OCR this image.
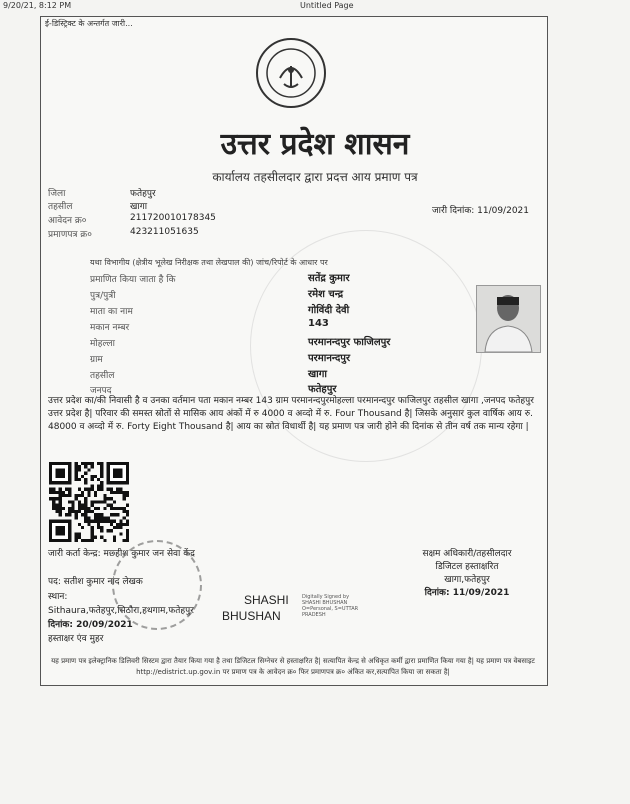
9/20/21, 8:12 PM	Untitled Page
ई-डिस्ट्रिक्ट के अन्तर्गत जारी...
उत्तर प्रदेश शासन
कार्यालय तहसीलदार द्वारा प्रदत्त आय प्रमाण पत्र
जिला	फतेहपुर
तहसील	खागा
आवेदन क्र०	211720010178345
प्रमाणपत्र क्र०	423211051635
जारी दिनांक: 11/09/2021
यथा विभागीय (क्षेत्रीय भूलेख निरीक्षक तथा लेखपाल की) जांच/रिपोर्ट के आधार पर
प्रमाणित किया जाता है कि	सतेंद्र कुमार
पुत्र/पुत्री	रमेश चन्द्र
माता का नाम	गोविंदी देवी
मकान नम्बर	143
मोहल्ला	परमानन्दपुर फाजिलपुर
ग्राम	परमानन्दपुर
तहसील	खागा
जनपद	फतेहपुर
उत्तर प्रदेश का/की निवासी है व उनका वर्तमान पता मकान नम्बर 143 ग्राम परमानन्दपुरमोहल्ला परमानन्दपुर फाजिलपुर तहसील खागा ,जनपद फतेहपुर उत्तर प्रदेश है| परिवार की समस्त स्रोतों से मासिक आय अंकों में रु 4000 व अव्दो में रु. Four Thousand है| जिसके अनुसार कुल वार्षिक आय रु. 48000 व अव्दो में रु. Forty Eight Thousand है| आय का स्रोत विधार्थी है| यह प्रमाण पत्र जारी होने की दिनांक से तीन वर्ष तक मान्य रहेगा |
जारी कर्ता केन्द्र: मछ्हीश कुमार जन सेवा केंद्र
पद: सतीश कुमार नांद लेखक
स्थान:
Sithaura,फतेहपुर,सिठौरा,हथगाम,फतेहपुर
दिनांक: 20/09/2021
हस्ताक्षर एंव मुहर
SHASHI
BHUSHAN
Digitally Signed by
SHASHI BHUSHAN
O=Personal, S=UTTAR
PRADESH
सक्षम अधिकारी/तहसीलदार
डिजिटल हस्ताक्षरित
खागा,फतेहपुर
दिनांक: 11/09/2021
यह प्रमाण पत्र इलेक्ट्रानिक डिलिवरी सिस्टम द्वारा तैयार किया गया है तथा डिजिटल सिग्नेचर से हस्ताक्षरित है| सत्यापित केन्द्र से अधिकृत कर्मी द्वारा प्रमाणित किया गया है| यह प्रमाण पत्र वेबसाइट http://edistrict.up.gov.in पर प्रमाण पत्र के आवेदन क्र० फिर प्रमाणपत्र क्र० अंकित कर,सत्यापित किया जा सकता है|
